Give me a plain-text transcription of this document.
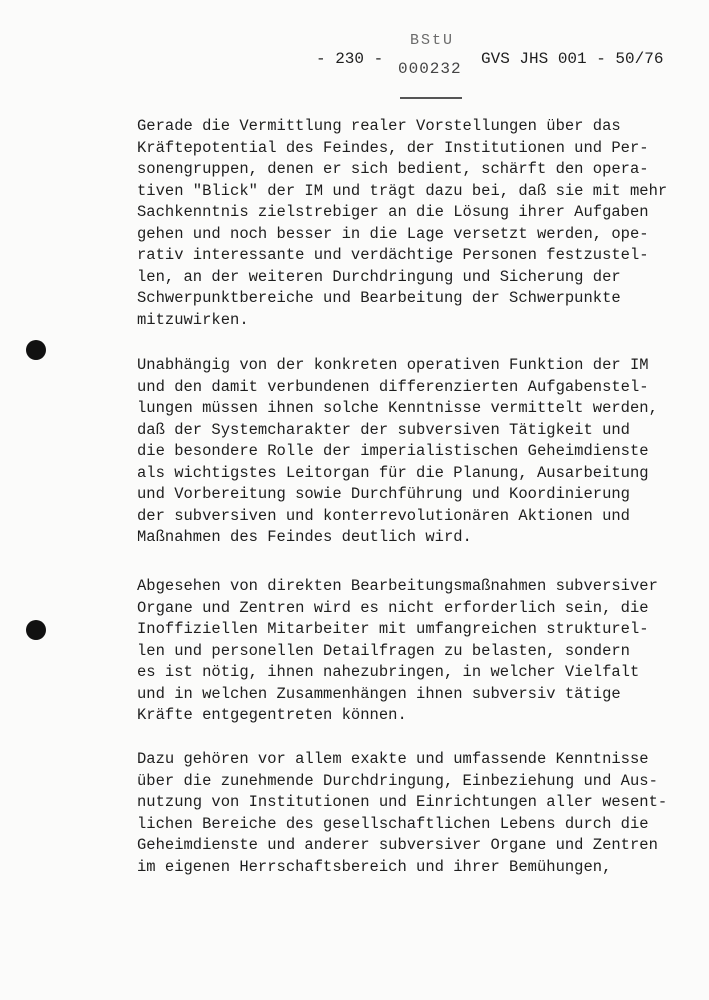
BStU
000232
- 230 -	GVS JHS 001 - 50/76
Gerade die Vermittlung realer Vorstellungen über das
Kräftepotential des Feindes, der Institutionen und Per-
sonengruppen, denen er sich bedient, schärft den opera-
tiven "Blick" der IM und trägt dazu bei, daß sie mit mehr
Sachkenntnis zielstrebiger an die Lösung ihrer Aufgaben
gehen und noch besser in die Lage versetzt werden, ope-
rativ interessante und verdächtige Personen festzustel-
len, an der weiteren Durchdringung und Sicherung der
Schwerpunktbereiche und Bearbeitung der Schwerpunkte
mitzuwirken.
Unabhängig von der konkreten operativen Funktion der IM
und den damit verbundenen differenzierten Aufgabenstel-
lungen müssen ihnen solche Kenntnisse vermittelt werden,
daß der Systemcharakter der subversiven Tätigkeit und
die besondere Rolle der imperialistischen Geheimdienste
als wichtigstes Leitorgan für die Planung, Ausarbeitung
und Vorbereitung sowie Durchführung und Koordinierung
der subversiven und konterrevolutionären Aktionen und
Maßnahmen des Feindes deutlich wird.
Abgesehen von direkten Bearbeitungsmaßnahmen subversiver
Organe und Zentren wird es nicht erforderlich sein, die
Inoffiziellen Mitarbeiter mit umfangreichen strukturel-
len und personellen Detailfragen zu belasten, sondern
es ist nötig, ihnen nahezubringen, in welcher Vielfalt
und in welchen Zusammenhängen ihnen subversiv tätige
Kräfte entgegentreten können.
Dazu gehören vor allem exakte und umfassende Kenntnisse
über die zunehmende Durchdringung, Einbeziehung und Aus-
nutzung von Institutionen und Einrichtungen aller wesent-
lichen Bereiche des gesellschaftlichen Lebens durch die
Geheimdienste und anderer subversiver Organe und Zentren
im eigenen Herrschaftsbereich und ihrer Bemühungen,
